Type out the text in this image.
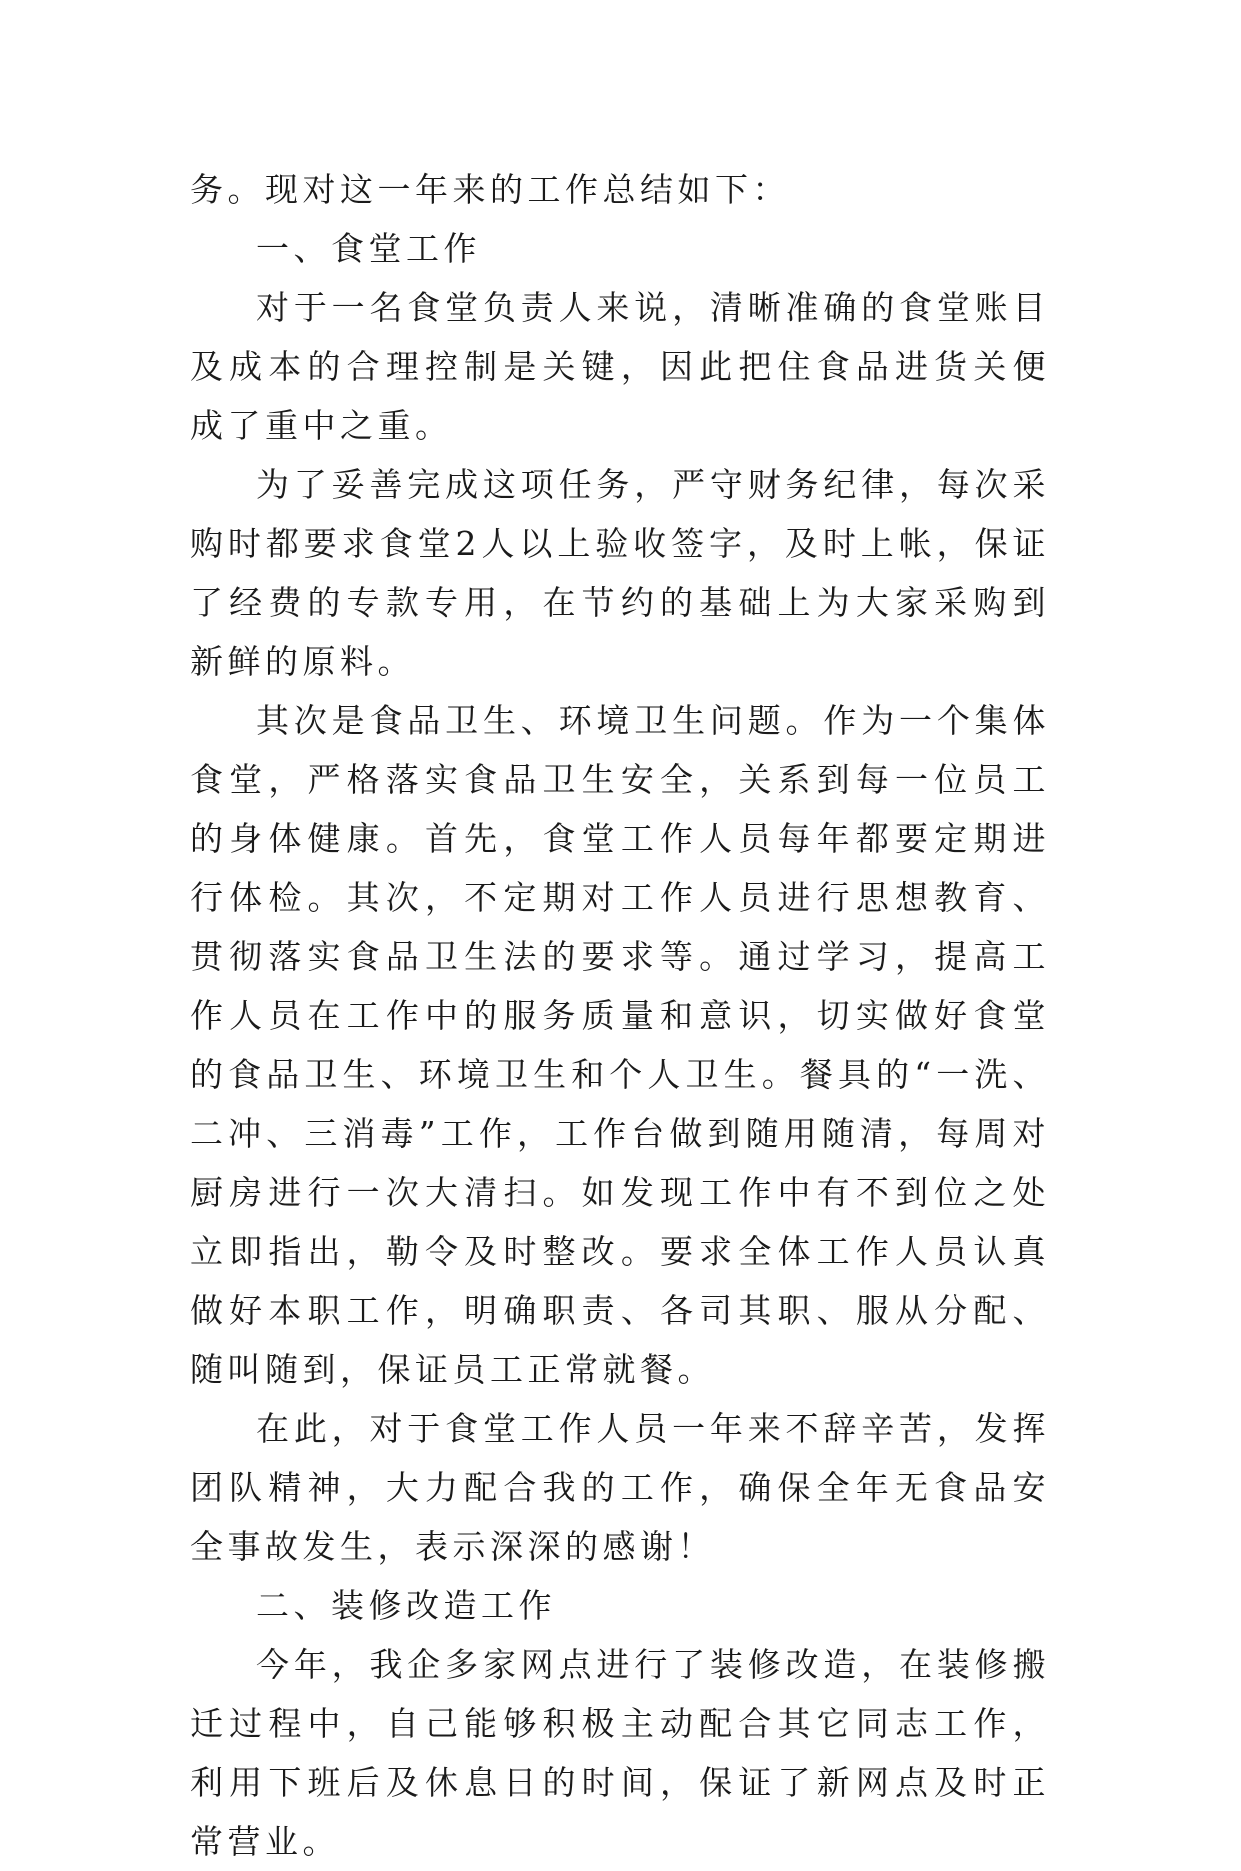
务。现对这一年来的工作总结如下：

一、食堂工作

对于一名食堂负责人来说，清晰准确的食堂账目及成本的合理控制是关键，因此把住食品进货关便成了重中之重。

为了妥善完成这项任务，严守财务纪律，每次采购时都要求食堂2人以上验收签字，及时上帐，保证了经费的专款专用，在节约的基础上为大家采购到新鲜的原料。

其次是食品卫生、环境卫生问题。作为一个集体食堂，严格落实食品卫生安全，关系到每一位员工的身体健康。首先，食堂工作人员每年都要定期进行体检。其次，不定期对工作人员进行思想教育、贯彻落实食品卫生法的要求等。通过学习，提高工作人员在工作中的服务质量和意识，切实做好食堂的食品卫生、环境卫生和个人卫生。餐具的“一洗、二冲、三消毒”工作，工作台做到随用随清，每周对厨房进行一次大清扫。如发现工作中有不到位之处立即指出，勒令及时整改。要求全体工作人员认真做好本职工作，明确职责、各司其职、服从分配、随叫随到，保证员工正常就餐。

在此，对于食堂工作人员一年来不辞辛苦，发挥团队精神，大力配合我的工作，确保全年无食品安全事故发生，表示深深的感谢！

二、装修改造工作

今年，我企多家网点进行了装修改造，在装修搬迁过程中，自己能够积极主动配合其它同志工作，利用下班后及休息日的时间，保证了新网点及时正常营业。
